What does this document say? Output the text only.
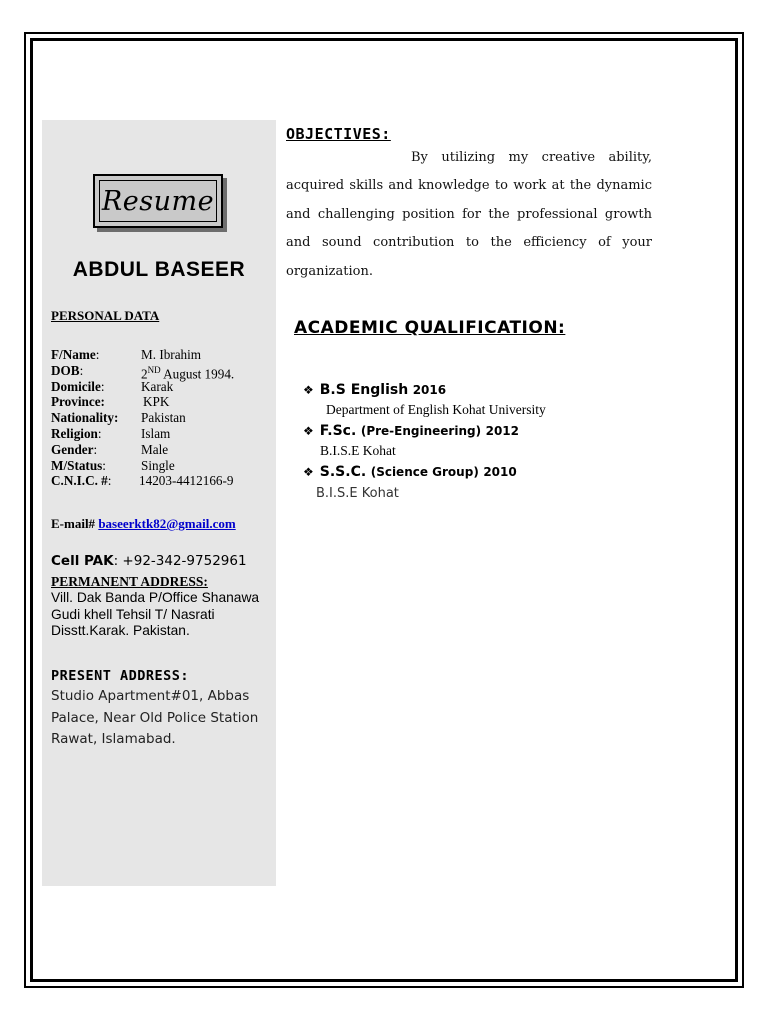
Resume
ABDUL BASEER
PERSONAL DATA
F/Name:	M. Ibrahim
DOB:	2ND August 1994.
Domicile:	Karak
Province:	KPK
Nationality: Pakistan
Religion:	Islam
Gender:	Male
M/Status:	Single
C.N.I.C. #: 14203-4412166-9
E-mail# baseerktk82@gmail.com
Cell PAK: +92-342-9752961
PERMANENT ADDRESS:
Vill. Dak Banda P/Office Shanawa Gudi khell Tehsil T/ Nasrati Disstt.Karak. Pakistan.
PRESENT ADDRESS:
Studio Apartment#01, Abbas Palace, Near Old Police Station Rawat, Islamabad.
OBJECTIVES:
By utilizing my creative ability, acquired skills and knowledge to work at the dynamic and challenging position for the professional growth and sound contribution to the efficiency of your organization.
ACADEMIC QUALIFICATION:
❖ B.S English 2016
Department of English Kohat University
❖ F.Sc. (Pre-Engineering) 2012
B.I.S.E Kohat
❖ S.S.C. (Science Group) 2010
B.I.S.E Kohat
